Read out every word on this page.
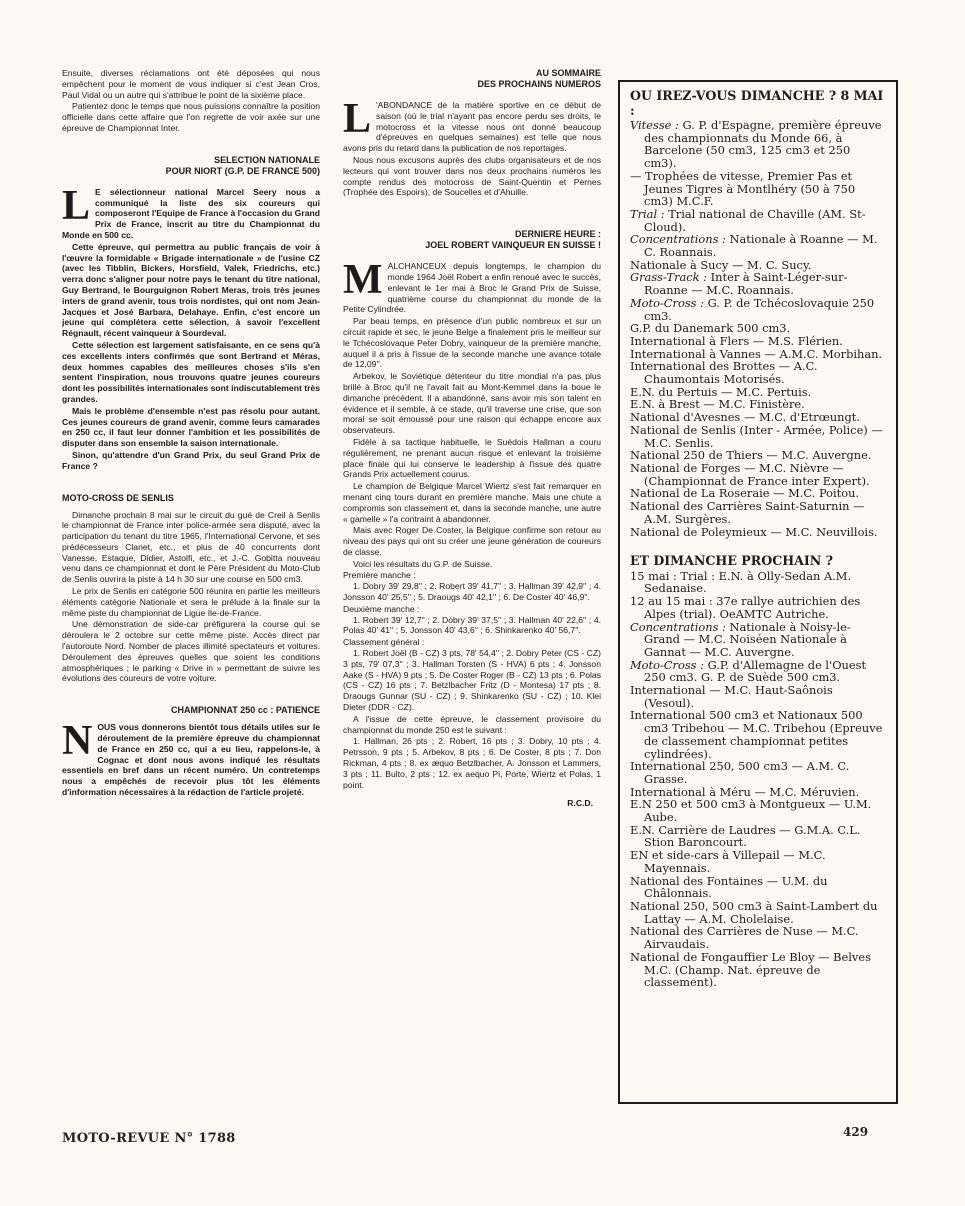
Ensuite, diverses réclamations ont été déposées qui nous empêchent pour le moment de vous indiquer si c'est Jean Cros, Paul Vidal ou un autre qui s'attribue le point de la sixième place.

Patientez donc le temps que nous puissions connaître la position officielle dans cette affaire que l'on regrette de voir axée sur une épreuve de Championnat Inter.

SELECTION NATIONALE

POUR NIORT (G.P. DE FRANCE 500)

L E sélectionneur national Marcel Seery nous a communiqué la liste des six coureurs qui composeront l'Equipe de France à l'occasion du Grand Prix de France, inscrit au titre du Championnat du Monde en 500 cc.

Cette épreuve, qui permettra au public français de voir à l'œuvre la formidable « Brigade internationale » de l'usine CZ (avec les Tibblin, Bickers, Horsfield, Valek, Friedrichs, etc.) verra donc s'aligner pour notre pays le tenant du titre national, Guy Bertrand, le Bourguignon Robert Meras, trois très jeunes inters de grand avenir, tous trois nordistes, qui ont nom Jean-Jacques et José Barbara, Delahaye. Enfin, c'est encore un jeune qui complétera cette sélection, à savoir l'excellent Régnault, récent vainqueur à Sourdeval.

Cette sélection est largement satisfaisante, en ce sens qu'à ces excellents inters confirmés que sont Bertrand et Méras, deux hommes capables des meilleures choses s'ils s'en sentent l'inspiration, nous trouvons quatre jeunes coureurs dont les possibilités internationales sont indiscutablement très grandes.

Mais le problème d'ensemble n'est pas résolu pour autant. Ces jeunes coureurs de grand avenir, comme leurs camarades en 250 cc, il faut leur donner l'ambition et les possibilités de disputer dans son ensemble la saison internationale.

Sinon, qu'attendre d'un Grand Prix, du seul Grand Prix de France ?

MOTO-CROSS DE SENLIS

Dimanche prochain 8 mai sur le circuit du gué de Creil à Senlis le championnat de France inter police-armée sera disputé, avec la participation du tenant du titre 1965, l'International Cervone, et ses prédécesseurs Clanet, etc., et plus de 40 concurrents dont Vanesse, Estaque, Didier, Astolfi, etc., et J.-C. Gobitta nouveau venu dans ce championnat et dont le Père Président du Moto-Club de Senlis ouvrira la piste à 14 h 30 sur une course en 500 cm3.

Le prix de Senlis en catégorie 500 réunira en partie les meilleurs éléments catégorie Nationale et sera le prélude à la finale sur la même piste du championnat de Ligue Ile-de-France.

Une démonstration de side-car préfigurera la course qui se déroulera le 2 octobre sur cette même piste. Accès direct par l'autoroute Nord. Nomber de places illimité spectateurs et voitures. Déroulement des épreuves quelles que soient les conditions atmosphériques ; le parking « Drive in » permettant de suivre les évolutions des coureurs de votre voiture.

CHAMPIONNAT 250 cc : PATIENCE

NOUS vous donnerons bientôt tous détails utiles sur le déroulement de la première épreuve du championnat de France en 250 cc, qui a eu lieu, rappelons-le, à Cognac et dont nous avons indiqué les résultats essentiels en bref dans un récent numéro. Un contretemps nous a empêchés de recevoir plus tôt les éléments d'information nécessaires à la rédaction de l'article projeté.

AU SOMMAIRE

DES PROCHAINS NUMEROS

L 'ABONDANCE de la matière sportive en ce début de saison (où le trial n'ayant pas encore perdu ses droits, le motocross et la vitesse nous ont donné beaucoup d'épreuves en quelques semaines) est telle que nous avons pris du retard dans la publication de nos reportages.

Nous nous excusons auprès des clubs organisateurs et de nos lecteurs qui vont trouver dans nos deux prochains numéros les compte rendus des motocross de Saint-Quentin et Pernes (Trophée des Espoirs), de Soucelles et d'Ahuille.

DERNIERE HEURE :

JOEL ROBERT VAINQUEUR EN SUISSE !

MALCHANCEUX depuis longtemps, le champion du monde 1964 Joël Robert a enfin renoué avec le succès, enlevant le 1er mai à Broc le Grand Prix de Suisse, quatrième course du championnat du monde de la Petite Cylindrée.

Par beau temps, en présence d'un public nombreux et sur un circuit rapide et sec, le jeune Belge a finalement pris le meilleur sur le Tchécoslovaque Peter Dobry, vainqueur de la première manche, auquel il a pris à l'issue de la seconde manche une avance totale de 12,09''.

Arbekov, le Soviétique détenteur du titre mondial n'a pas plus brillé à Broc qu'il ne l'avait fait au Mont-Kemmel dans la boue le dimanche précédent. Il a abandonné, sans avoir mis son talent en évidence et il semble, à ce stade, qu'il traverse une crise, que son moral se soit émoussé pour une raison qui échappe encore aux observateurs.

Fidèle à sa tactique habituelle, le Suédois Hallman a couru régulièrement, ne prenant aucun risque et enlevant la troisième place finale qui lui conserve le leadership à l'issue des quatre Grands Prix actuellement courus.

Le champion de Belgique Marcel Wiertz s'est fait remarquer en menant cinq tours durant en première manche. Mais une chute a compromis son classement et, dans la seconde manche, une autre « gamelle » l'a contraint à abandonner.

Mais avec Roger De Coster, la Belgique confirme son retour au niveau des pays qui ont su créer une jeune génération de coureurs de classe.

Voici les résultats du G.P. de Suisse.

Première manche :

1. Dobry 39' 29,8'' ; 2. Robert 39' 41,7'' ; 3. Hallman 39' 42,9'' ; 4. Jonsson 40' 25,5'' ; 5. Draougs 40' 42,1'' ; 6. De Coster 40' 46,9''.

Deuxième manche :

1. Robert 39' 12,7'' ; 2. Dobry 39' 37,5'' ; 3. Hallman 40' 22,6'' ; 4. Polas 40' 41'' ; 5. Jonsson 40' 43,6'' ; 6. Shinkarenko 40' 56,7''.

Classement général :

1. Robert Joël (B - CZ) 3 pts, 78' 54,4'' ; 2. Dobry Peter (CS - CZ) 3 pts, 79' 07,3'' ; 3. Hallman Torsten (S - HVA) 6 pts ; 4. Jonsson Aake (S - HVA) 9 pts ; 5. De Coster Roger (B - CZ) 13 pts ; 6. Polas (CS - CZ) 16 pts ; 7. Betzlbacher Fritz (D - Montesa) 17 pts ; 8. Draougs Gunnar (SU - CZ) ; 9. Shinkarenko (SU - CZ) ; 10. Klei Dieter (DDR - CZ).

A l'issue de cette épreuve, le classement provisoire du championnat du monde 250 est le suivant :

1. Hallman, 26 pts ; 2. Robert, 16 pts ; 3. Dobry, 10 pts ; 4. Petrsson, 9 pts ; 5. Arbekov, 8 pts ; 6. De Coster, 8 pts ; 7. Don Rickman, 4 pts ; 8. ex æquo Betzlbacher, A. Jonsson et Lammers, 3 pts ; 11. Bulto, 2 pts ; 12. ex aequo Pi, Porte, Wiertz et Polas, 1 point.

R.C.D.

OU IREZ-VOUS DIMANCHE ? 8 MAI :

Vitesse : G. P. d'Espagne, première épreuve des championnats du Monde 66, à Barcelone (50 cm3, 125 cm3 et 250 cm3).

— Trophées de vitesse, Premier Pas et Jeunes Tigres à Montlhéry (50 à 750 cm3) M.C.F.

Trial : Trial national de Chaville (AM. St-Cloud).

Concentrations : Nationale à Roanne — M. C. Roannais.

Nationale à Sucy — M. C. Sucy.

Grass-Track : Inter à Saint-Léger-sur-Roanne — M.C. Roannais.

Moto-Cross : G. P. de Tchécoslovaquie 250 cm3.

G.P. du Danemark 500 cm3.

International à Flers — M.S. Flérien.

International à Vannes — A.M.C. Morbihan.

International des Brottes — A.C. Chaumontais Motorisés.

E.N. du Pertuis — M.C. Pertuis.

E.N. à Brest — M.C. Finistère.

National d'Avesnes — M.C. d'Etrœungt.

National de Senlis (Inter - Armée, Police) — M.C. Senlis.

National 250 de Thiers — M.C. Auvergne.

National de Forges — M.C. Nièvre — (Championnat de France inter Expert).

National de La Roseraie — M.C. Poitou.

National des Carrières Saint-Saturnin — A.M. Surgères.

National de Poleymieux — M.C. Neuvillois.

ET DIMANCHE PROCHAIN ?

15 mai : Trial : E.N. à Olly-Sedan A.M. Sedanaise.

12 au 15 mai : 37e rallye autrichien des Alpes (trial). OeAMTC Autriche.

Concentrations : Nationale à Noisy-le-Grand — M.C. Noiséen Nationale à Gannat — M.C. Auvergne.

Moto-Cross : G.P. d'Allemagne de l'Ouest 250 cm3. G. P. de Suède 500 cm3.

International — M.C. Haut-Saônois (Vesoul).

International 500 cm3 et Nationaux 500 cm3 Tribehou — M.C. Tribehou (Epreuve de classement championnat petites cylindrées).

International 250, 500 cm3 — A.M. C. Grasse.

International à Méru — M.C. Méruvien.

E.N 250 et 500 cm3 à Montgueux — U.M. Aube.

E.N. Carrière de Laudres — G.M.A. C.L. Stion Baroncourt.

EN et side-cars à Villepail — M.C. Mayennais.

National des Fontaines — U.M. du Châlonnais.

National 250, 500 cm3 à Saint-Lambert du Lattay — A.M. Cholelaise.

National des Carrières de Nuse — M.C. Airvaudais.

National de Fongauffier Le Bloy — Belves M.C. (Champ. Nat. épreuve de classement).

MOTO-REVUE N° 1788	429
